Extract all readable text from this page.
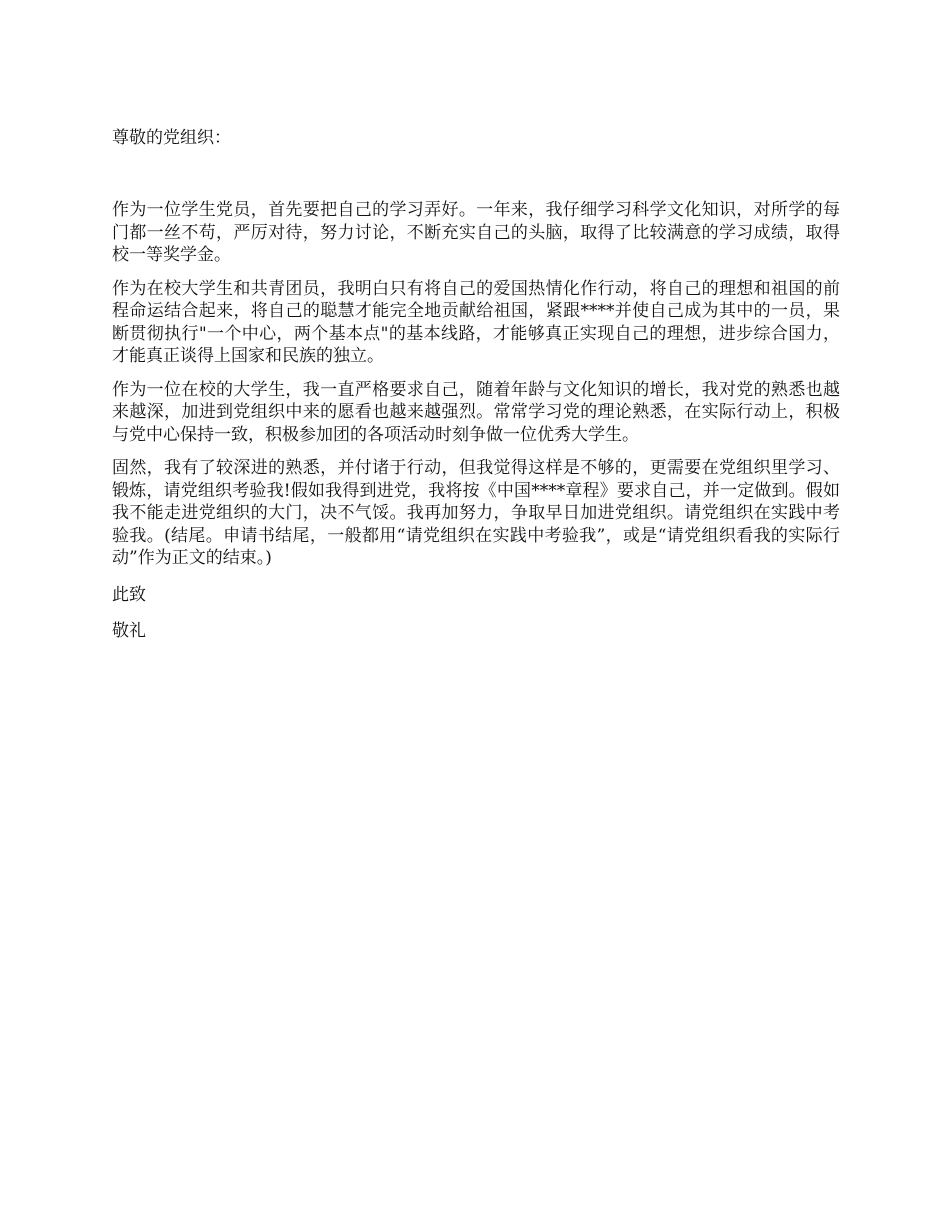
尊敬的党组织：

作为一位学生党员，首先要把自己的学习弄好。一年来，我仔细学习科学文化知识，对所学的每门都一丝不苟，严厉对待，努力讨论，不断充实自己的头脑，取得了比较满意的学习成绩，取得校一等奖学金。

作为在校大学生和共青团员，我明白只有将自己的爱国热情化作行动，将自己的理想和祖国的前程命运结合起来，将自己的聪慧才能完全地贡献给祖国，紧跟****并使自己成为其中的一员，果断贯彻执行"一个中心，两个基本点"的基本线路，才能够真正实现自己的理想，进步综合国力，才能真正谈得上国家和民族的独立。

作为一位在校的大学生，我一直严格要求自己，随着年龄与文化知识的增长，我对党的熟悉也越来越深，加进到党组织中来的愿看也越来越强烈。常常学习党的理论熟悉，在实际行动上，积极与党中心保持一致，积极参加团的各项活动时刻争做一位优秀大学生。

固然，我有了较深进的熟悉，并付诸于行动，但我觉得这样是不够的，更需要在党组织里学习、锻炼，请党组织考验我!假如我得到进党，我将按《中国****章程》要求自己，并一定做到。假如我不能走进党组织的大门，决不气馁。我再加努力，争取早日加进党组织。请党组织在实践中考验我。(结尾。申请书结尾，一般都用“请党组织在实践中考验我”，或是“请党组织看我的实际行动”作为正文的结束。)

此致

敬礼
